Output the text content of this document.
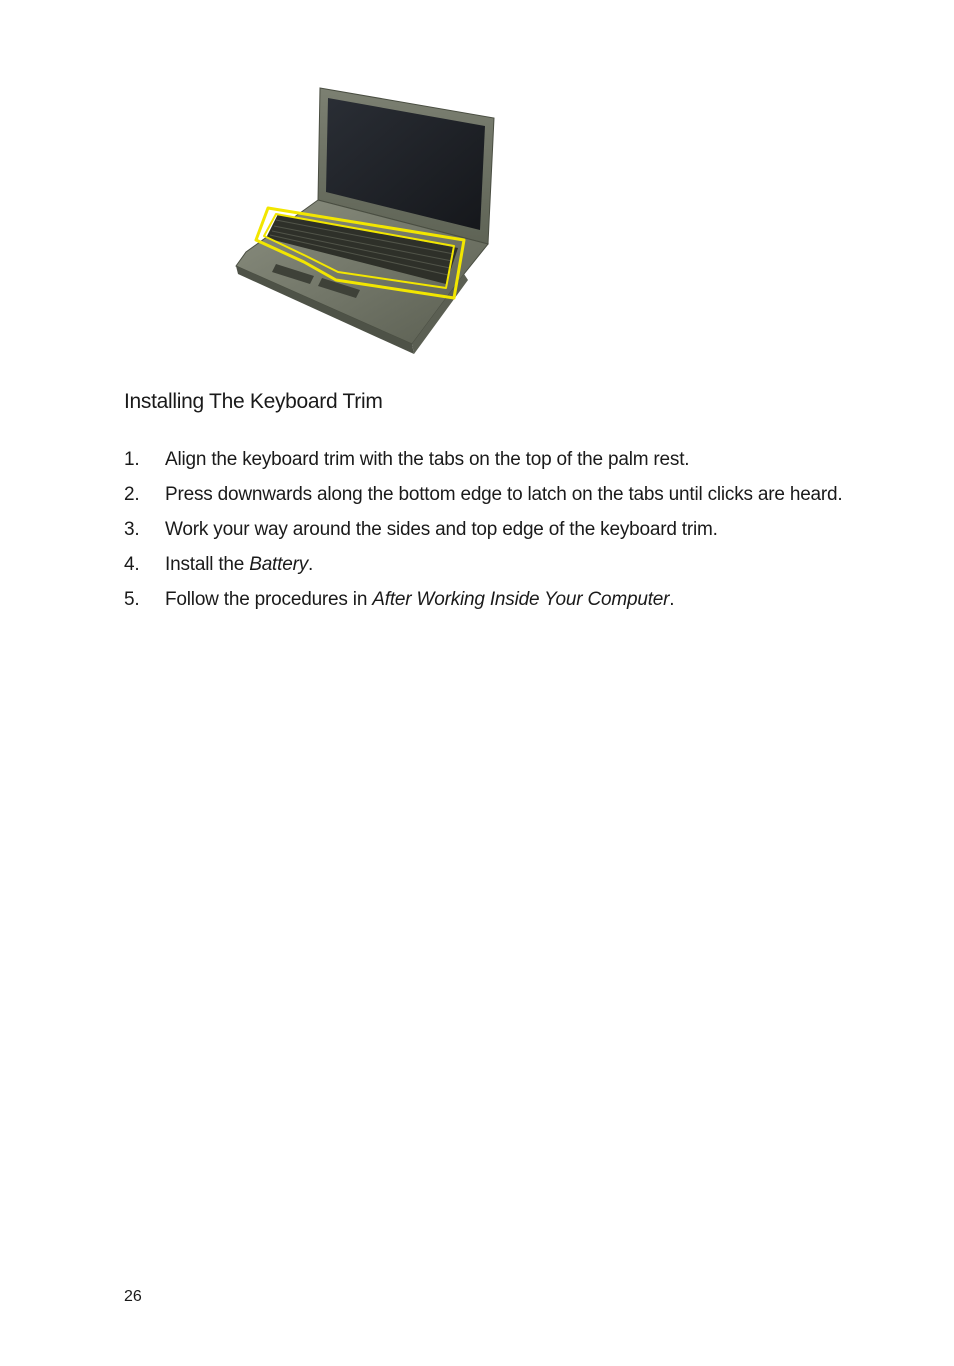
Installing The Keyboard Trim
1. Align the keyboard trim with the tabs on the top of the palm rest.
2. Press downwards along the bottom edge to latch on the tabs until clicks are heard.
3. Work your way around the sides and top edge of the keyboard trim.
4. Install the Battery.
5. Follow the procedures in After Working Inside Your Computer.
26
